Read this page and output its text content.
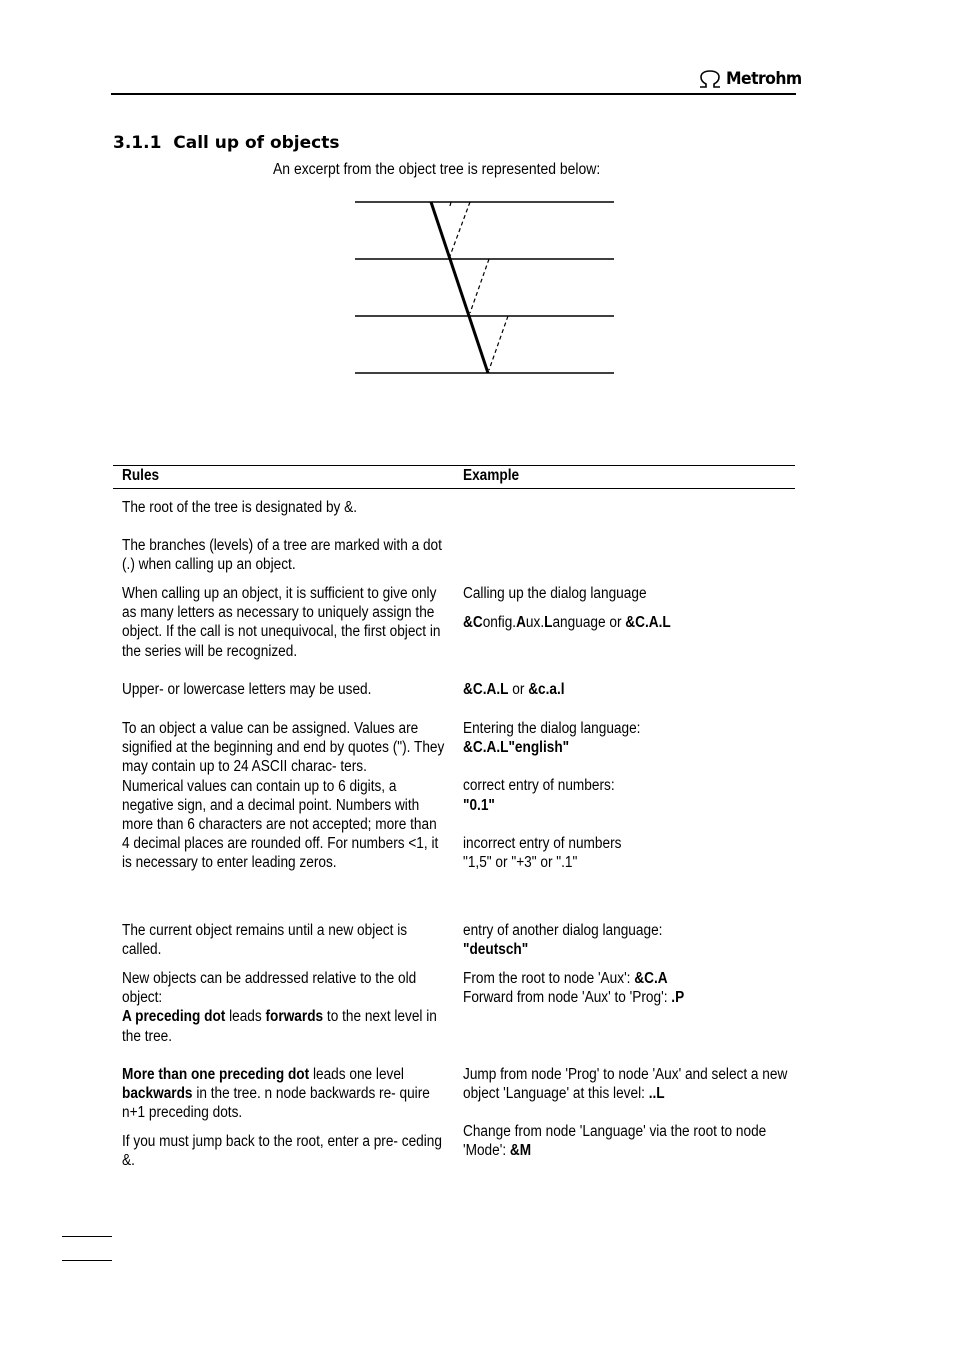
Metrohm
3.1.1 Call up of objects
An excerpt from the object tree is represented below:
Rules	Example

The root of the tree is designated by &.

The branches (levels) of a tree are marked with a dot (.) when calling up an object.

When calling up an object, it is sufficient to give only as many letters as necessary to uniquely assign the object. If the call is not unequivocal, the first object in the series will be recognized.

Calling up the dialog language

&Config.Aux.Language or &C.A.L

Upper- or lowercase letters may be used.	&C.A.L or &c.a.l

To an object a value can be assigned. Values are signified at the beginning and end by quotes ("). They may contain up to 24 ASCII charac- ters.

Numerical values can contain up to 6 digits, a negative sign, and a decimal point. Numbers with more than 6 characters are not accepted; more than 4 decimal places are rounded off. For numbers <1, it is necessary to enter leading zeros.

Entering the dialog language:

&C.A.L"english"

correct entry of numbers:

"0.1"

incorrect entry of numbers

"1,5" or "+3" or ".1"

The current object remains until a new object is called.

entry of another dialog language:

"deutsch"

New objects can be addressed relative to the old object:

A preceding dot leads forwards to the next level in the tree.

From the root to node 'Aux': &C.A

Forward from node 'Aux' to 'Prog': .P

More than one preceding dot leads one level backwards in the tree. n node backwards re- quire n+1 preceding dots.

Jump from node 'Prog' to node 'Aux' and select a new object 'Language' at this level: ..L

If you must jump back to the root, enter a pre- ceding &.

Change from node 'Language' via the root to node 'Mode': &M
